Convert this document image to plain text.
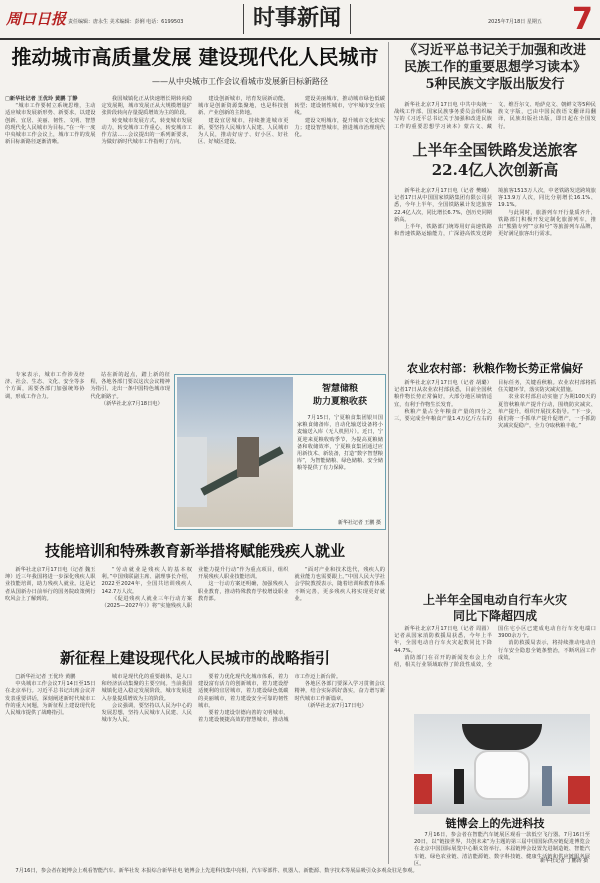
周口日报 责任编辑：唐永生 美术编辑：彭俐 电话：6199503	时事新闻	2025年7月18日 星期五 7
推动城市高质量发展 建设现代化人民城市
——从中央城市工作会议看城市发展新目标新路径

□新华社记者 王优玲 黄鹏 丁静

“城市工作要树立系统思维，主动适应城市发展新形势、新要求，以建设创新、宜居、美丽、韧性、文明、智慧的现代化人民城市为目标。”在一年一度中央城市工作会议上，城市工作的发展新目标新路径逐渐清晰。

我国城镇化正从快速增长期转向稳定发展期，城市发展正从大规模增量扩张阶段转向存量提质增效为主的阶段。

转变城市发展方式，转变城市发展动力，转变城市工作重心，转变城市工作方法……会议提出的一系列新要求，为做好新时代城市工作指明了方向。

建设创新城市，培育发展新动能。城市是创新资源集聚地，也是科技创新、产业创新的主阵地。

建设宜居城市，持续推进城市更新。要坚持人民城市人民建、人民城市为人民，推动好房子、好小区、好社区、好城区建设。

建设美丽城市，推动城市绿色低碳转型；建设韧性城市，守牢城市安全底线。

建设文明城市，提升城市文化软实力；建设智慧城市，推进城市治理现代化。

专家表示，城市工作涉及经济、社会、生态、文化、安全等多个方面，需要各部门加强统筹协调，形成工作合力。

站在新的起点，踏上新的征程，各地各部门要以这次会议精神为指引，走出一条中国特色城市现代化新路子。

（新华社北京7月18日电）

智慧储粮
助力夏粮收获

7月15日，宁夏粮食集团银川国家粮食储备库，自动化输送设备将小麦输送入库（无人机照片）。近日，宁夏迎来夏粮收购季节，为提高夏粮储备和收储效率，宁夏粮食集团通过应用新技术、新装备，打造“数字智慧粮库”，为智能储粮、绿色储粮、安全储粮等提供了有力保障。

新华社记者 王鹏 摄
技能培训和特殊教育新举措将赋能残疾人就业

新华社北京7月17日电（记者 魏玉坤）近三年我国将进一步深化残疾人职业技能培训，助力残疾人就业。这是记者从国新办日前举行的国务院政策例行吹风会上了解到的。

“劳动就业是残疾人的基本权利。”中国残联副主席、副理事长介绍，2022至2024年，全国共培训残疾人142.7万人次。

《促进残疾人就业三年行动方案（2025—2027年）》将“实施残疾人职业能力提升行动”作为重点项目，组织开展残疾人职业技能培训。

这一行动方案还明确，加强残疾人职业教育，推动特殊教育学校增设职业教育部。

“面对产业和技术迭代，残疾人的就业能力也需要跟上。”中国人民大学社会学院教授表示，随着培训和教育体系不断完善，更多残疾人将实现更好就业。

新征程上建设现代化人民城市的战略指引

□新华社记者 王优玲 黄鹏

中央城市工作会议7月14日至15日在北京举行。习近平总书记出席会议并发表重要讲话，深刻阐述新时代城市工作的重大问题，为新征程上建设现代化人民城市提供了战略指引。

城市是现代化的重要载体，是人口和经济活动集聚的主要空间。当前我国城镇化进入稳定发展阶段，城市发展进入存量提质增效为主的阶段。

会议强调，要坚持以人民为中心的发展思想，坚持人民城市人民建、人民城市为人民。

要着力优化现代化城市体系，着力建设富有活力的创新城市，着力建设舒适便利的宜居城市，着力建设绿色低碳的美丽城市，着力建设安全可靠的韧性城市。

要着力建设崇德向善的文明城市，着力建设便捷高效的智慧城市，推动城市工作迈上新台阶。

各地区各部门要深入学习贯彻会议精神，结合实际抓好落实，奋力谱写新时代城市工作新篇章。

（新华社北京7月17日电）

《习近平总书记关于加强和改进
民族工作的重要思想学习读本》
5种民族文字版出版发行

新华社北京7月17日电 中共中央统一战线工作部、国家民族事务委员会组织编写的《习近平总书记关于加强和改进民族工作的重要思想学习读本》蒙古文、藏文、维吾尔文、哈萨克文、朝鲜文等5种民族文字版，已由中国民族语文翻译局翻译，民族出版社出版，即日起在全国发行。

上半年全国铁路发送旅客
22.4亿人次创新高

新华社北京7月17日电（记者 樊曦）记者17日从中国国家铁路集团有限公司获悉，今年上半年，全国铁路累计发送旅客22.4亿人次，同比增长6.7%，创历史同期新高。

上半年，铁路部门统筹用好高速铁路和普速铁路运输能力，广深港高铁发送跨境旅客1513万人次，中老铁路发送跨境旅客13.9万人次，同比分别增长16.1%、19.1%。

与此同时，旅游列车开行量质齐升，铁路部门积极开发定制化旅游列车，推出“熊猫专列”“京和号”等旅游列车品牌，更好满足旅客出行需求。

农业农村部：秋粮作物长势正常偏好

新华社北京7月17日电（记者 胡璐）记者17日从农业农村部获悉，目前全国秋粮作物长势正常偏好，大部分地区墒情适宜，有利于作物生长发育。

秋粮产量占全年粮食产量的四分之三，要完成全年粮食产量1.4万亿斤左右的目标任务，关键看秋粮。农业农村部将抓住关键环节，落实防灾减灾措施。

农业农村部启动实施了为期100天的夏管秋粮单产提升行动，围绕防灾减灾、单产提升，组织开展技术指导。“下一步，我们将一手抓单产提升促增产，一手抓防灾减灾促稳产，全力夺取秋粮丰收。”

上半年全国电动自行车火灾
同比下降超四成

新华社北京7月17日电（记者 周圆）记者从国家消防救援局获悉，今年上半年，全国电动自行车火灾起数同比下降44.7%。

消防部门在召开的新闻发布会上介绍，相关行业领域取得了阶段性成效，全国住宅小区已建成电动自行车充电端口3900余万个。

消防救援局表示，将持续推动电动自行车安全隐患全链条整治，不断巩固工作成效。

链博会上的先进科技

7月16日，参会者在智能汽车链展区观看一款低空飞行器。7月16日至20日，以“链接世界，共创未来”为主题的第三届中国国际供应链促进博览会在北京中国国际展览中心顺义馆举行。本届链博会设置先进制造链、智能汽车链、绿色农业链、清洁能源链、数字科技链、健康生活链和供应链服务展区。	新华社记者 丁鹏涛 摄

7月16日，参会者在链博会上观看智能汽车。新华社发 本报综合新华社电 链博会上先进科技集中亮相，汽车零部件、机器人、新能源、数字技术等展品吸引众多观众驻足参观。
